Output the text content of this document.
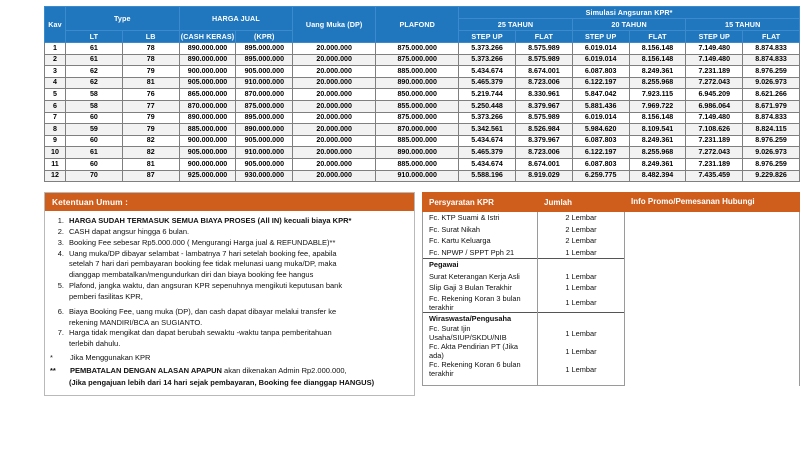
Kav	Type		HARGA JUAL		Uang Muka (DP)	PLAFOND	Simulasi Angsuran KPR*					
							25 TAHUN		20 TAHUN		15 TAHUN	
	LT	LB	(CASH KERAS)	(KPR)			STEP UP	FLAT	STEP UP	FLAT	STEP UP	FLAT
1	61	78	890.000.000	895.000.000	20.000.000	875.000.000	5.373.266	8.575.989	6.019.014	8.156.148	7.149.480	8.874.833
2	61	78	890.000.000	895.000.000	20.000.000	875.000.000	5.373.266	8.575.989	6.019.014	8.156.148	7.149.480	8.874.833
3	62	79	900.000.000	905.000.000	20.000.000	885.000.000	5.434.674	8.674.001	6.087.803	8.249.361	7.231.189	8.976.259
4	62	81	905.000.000	910.000.000	20.000.000	890.000.000	5.465.379	8.723.006	6.122.197	8.255.968	7.272.043	9.026.973
5	58	76	865.000.000	870.000.000	20.000.000	850.000.000	5.219.744	8.330.961	5.847.042	7.923.115	6.945.209	8.621.266
6	58	77	870.000.000	875.000.000	20.000.000	855.000.000	5.250.448	8.379.967	5.881.436	7.969.722	6.986.064	8.671.979
7	60	79	890.000.000	895.000.000	20.000.000	875.000.000	5.373.266	8.575.989	6.019.014	8.156.148	7.149.480	8.874.833
8	59	79	885.000.000	890.000.000	20.000.000	870.000.000	5.342.561	8.526.984	5.984.620	8.109.541	7.108.626	8.824.115
9	60	82	900.000.000	905.000.000	20.000.000	885.000.000	5.434.674	8.379.967	6.087.803	8.249.361	7.231.189	8.976.259
10	61	82	905.000.000	910.000.000	20.000.000	890.000.000	5.465.379	8.723.006	6.122.197	8.255.968	7.272.043	9.026.973
11	60	81	900.000.000	905.000.000	20.000.000	885.000.000	5.434.674	8.674.001	6.087.803	8.249.361	7.231.189	8.976.259
12	70	87	925.000.000	930.000.000	20.000.000	910.000.000	5.588.196	8.919.029	6.259.775	8.482.394	7.435.459	9.229.826
Ketentuan Umum :
1. HARGA SUDAH TERMASUK SEMUA BIAYA PROSES (All IN) kecuali biaya KPR*
2. CASH dapat angsur hingga 6 bulan.
3. Booking Fee sebesar Rp5.000.000 ( Mengurangi Harga jual & REFUNDABLE)**
4. Uang muka/DP dibayar selambat - lambatnya 7 hari setelah booking fee, apabila
setelah 7 hari dari pembayaran booking fee tidak melunasi uang muka/DP, maka
dianggap membatalkan/mengundurkan diri dan biaya booking fee hangus
5. Plafond, jangka waktu, dan angsuran KPR sepenuhnya mengikuti keputusan bank
pemberi fasilitas KPR,
6. Biaya Booking Fee, uang muka (DP), dan cash dapat dibayar melalui transfer ke
rekening MANDIRI/BCA an SUGIANTO.
7. Harga tidak mengikat dan dapat berubah sewaktu -waktu tanpa pemberitahuan
terlebih dahulu.
*	Jika Menggunakan KPR
**	PEMBATALAN DENGAN ALASAN APAPUN akan dikenakan Admin Rp2.000.000,
(Jika pengajuan lebih dari 14 hari sejak pembayaran, Booking fee dianggap HANGUS)
Persyaratan KPR	Jumlah	Info Promo/Pemesanan Hubungi
Fc. KTP Suami & Istri	2 Lembar	
Fc. Surat Nikah	2 Lembar	
Fc. Kartu Keluarga	2 Lembar	
Fc. NPWP / SPPT Pph 21	1 Lembar	
Pegawai		
Surat Keterangan Kerja Asli	1 Lembar	
Slip Gaji 3 Bulan Terakhir	1 Lembar	
Fc. Rekening Koran 3 bulan terakhir	1 Lembar	
Wiraswasta/Pengusaha		
Fc. Surat Ijin Usaha/SIUP/SKDU/NIB	1 Lembar	
Fc. Akta Pendirian PT (Jika ada)	1 Lembar	
Fc. Rekening Koran 6 bulan terakhir	1 Lembar	
